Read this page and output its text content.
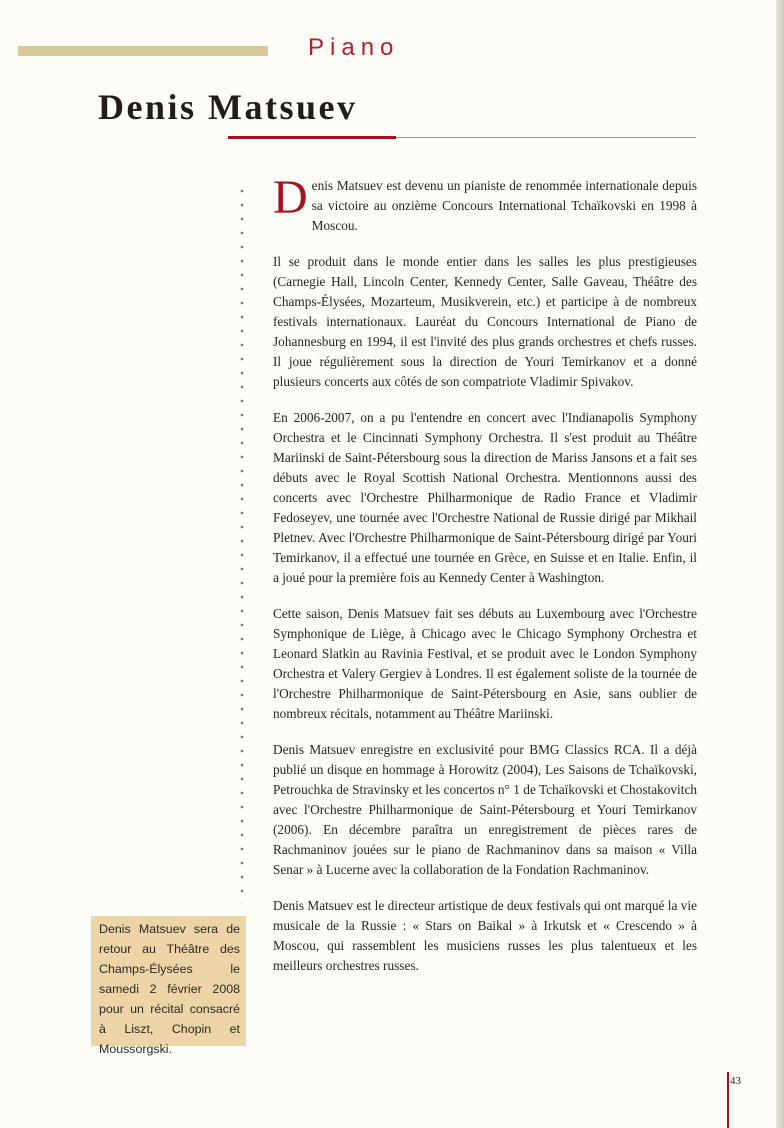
Piano
Denis Matsuev

Denis Matsuev est devenu un pianiste de renommée internationale depuis sa victoire au onzième Concours International Tchaïkovski en 1998 à Moscou.

Il se produit dans le monde entier dans les salles les plus prestigieuses (Carnegie Hall, Lincoln Center, Kennedy Center, Salle Gaveau, Théâtre des Champs-Élysées, Mozarteum, Musikverein, etc.) et participe à de nombreux festivals internationaux. Lauréat du Concours International de Piano de Johannesburg en 1994, il est l'invité des plus grands orchestres et chefs russes. Il joue régulièrement sous la direction de Youri Temirkanov et a donné plusieurs concerts aux côtés de son compatriote Vladimir Spivakov.

En 2006-2007, on a pu l'entendre en concert avec l'Indianapolis Symphony Orchestra et le Cincinnati Symphony Orchestra. Il s'est produit au Théâtre Mariinski de Saint-Pétersbourg sous la direction de Mariss Jansons et a fait ses débuts avec le Royal Scottish National Orchestra. Mentionnons aussi des concerts avec l'Orchestre Philharmonique de Radio France et Vladimir Fedoseyev, une tournée avec l'Orchestre National de Russie dirigé par Mikhail Pletnev. Avec l'Orchestre Philharmonique de Saint-Pétersbourg dirigé par Youri Temirkanov, il a effectué une tournée en Grèce, en Suisse et en Italie. Enfin, il a joué pour la première fois au Kennedy Center à Washington.

Cette saison, Denis Matsuev fait ses débuts au Luxembourg avec l'Orchestre Symphonique de Liège, à Chicago avec le Chicago Symphony Orchestra et Leonard Slatkin au Ravinia Festival, et se produit avec le London Symphony Orchestra et Valery Gergiev à Londres. Il est également soliste de la tournée de l'Orchestre Philharmonique de Saint-Pétersbourg en Asie, sans oublier de nombreux récitals, notamment au Théâtre Mariinski.

Denis Matsuev enregistre en exclusivité pour BMG Classics RCA. Il a déjà publié un disque en hommage à Horowitz (2004), Les Saisons de Tchaïkovski, Petrouchka de Stravinsky et les concertos n° 1 de Tchaïkovski et Chostakovitch avec l'Orchestre Philharmonique de Saint-Pétersbourg et Youri Temirkanov (2006). En décembre paraîtra un enregistrement de pièces rares de Rachmaninov jouées sur le piano de Rachmaninov dans sa maison « Villa Senar » à Lucerne avec la collaboration de la Fondation Rachmaninov.

Denis Matsuev est le directeur artistique de deux festivals qui ont marqué la vie musicale de la Russie : « Stars on Baikal » à Irkutsk et « Crescendo » à Moscou, qui rassemblent les musiciens russes les plus talentueux et les meilleurs orchestres russes.

Denis Matsuev sera de retour au Théâtre des Champs-Élysées le samedi 2 février 2008 pour un récital consacré à Liszt, Chopin et Moussorgski.
43
